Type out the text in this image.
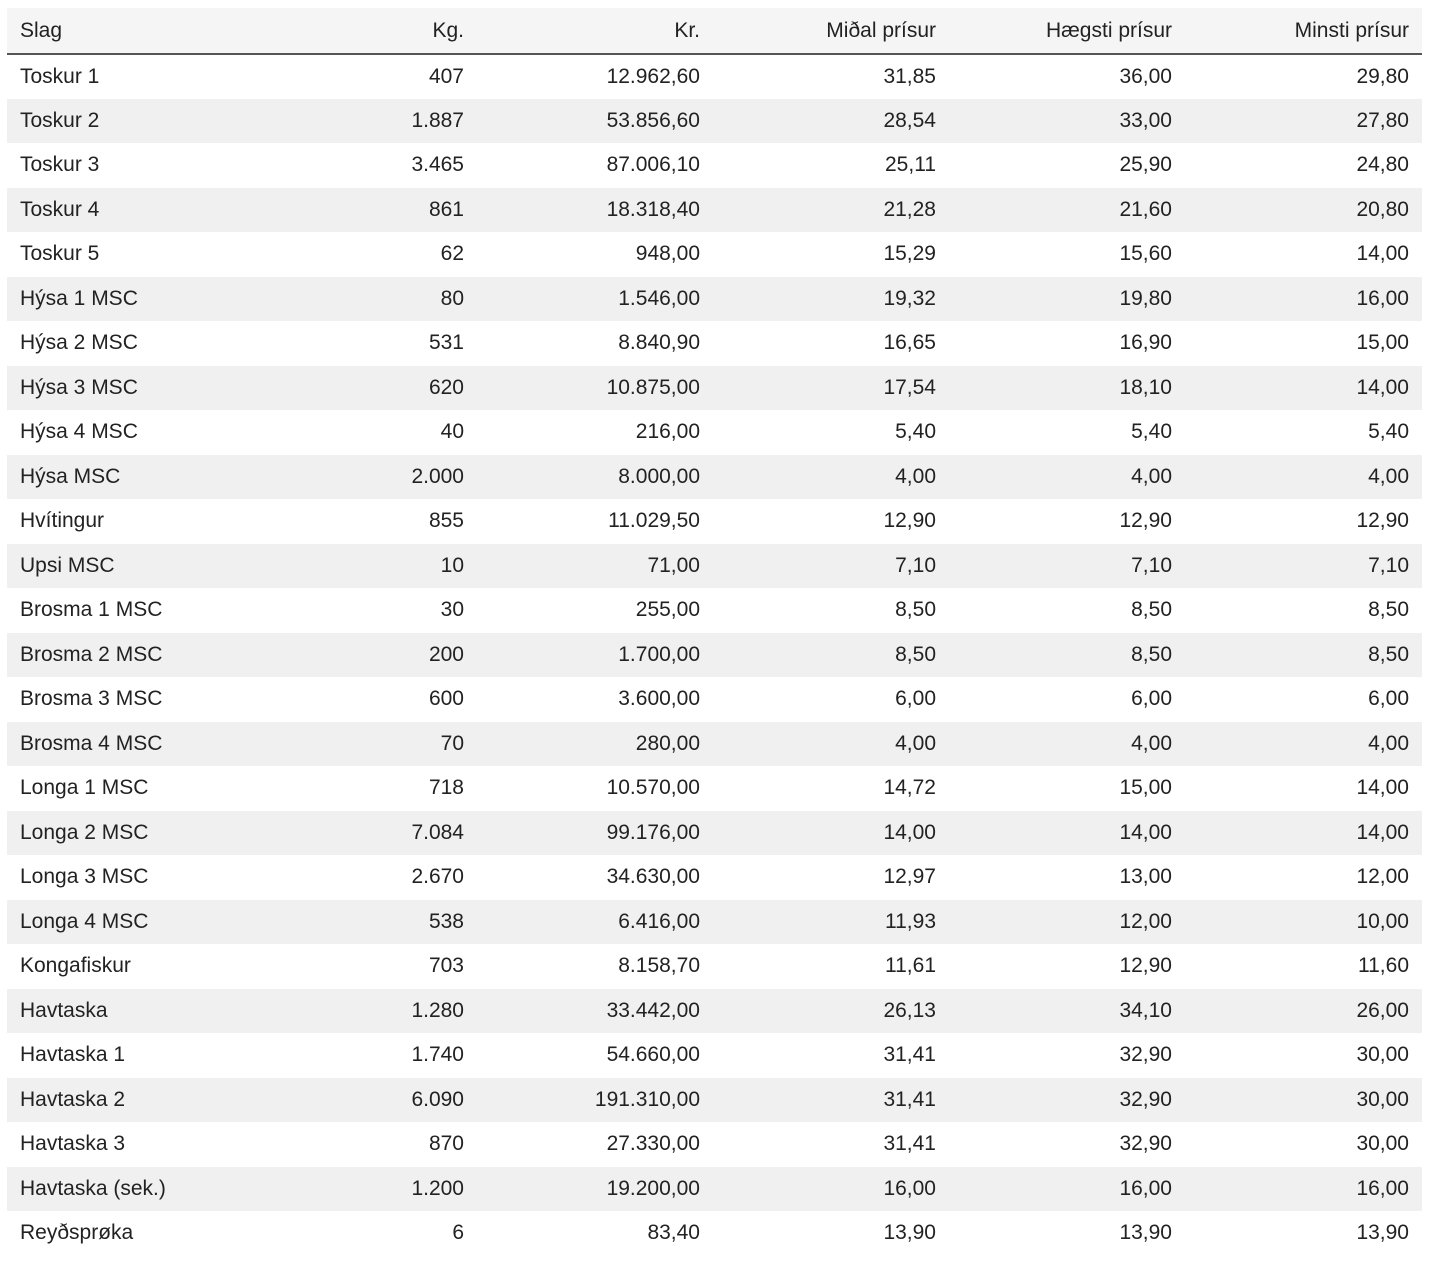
Slag	Kg.	Kr.	Miðal prísur	Hægsti prísur	Minsti prísur
Toskur 1	407	12.962,60	31,85	36,00	29,80
Toskur 2	1.887	53.856,60	28,54	33,00	27,80
Toskur 3	3.465	87.006,10	25,11	25,90	24,80
Toskur 4	861	18.318,40	21,28	21,60	20,80
Toskur 5	62	948,00	15,29	15,60	14,00
Hýsa 1 MSC	80	1.546,00	19,32	19,80	16,00
Hýsa 2 MSC	531	8.840,90	16,65	16,90	15,00
Hýsa 3 MSC	620	10.875,00	17,54	18,10	14,00
Hýsa 4 MSC	40	216,00	5,40	5,40	5,40
Hýsa MSC	2.000	8.000,00	4,00	4,00	4,00
Hvítingur	855	11.029,50	12,90	12,90	12,90
Upsi MSC	10	71,00	7,10	7,10	7,10
Brosma 1 MSC	30	255,00	8,50	8,50	8,50
Brosma 2 MSC	200	1.700,00	8,50	8,50	8,50
Brosma 3 MSC	600	3.600,00	6,00	6,00	6,00
Brosma 4 MSC	70	280,00	4,00	4,00	4,00
Longa 1 MSC	718	10.570,00	14,72	15,00	14,00
Longa 2 MSC	7.084	99.176,00	14,00	14,00	14,00
Longa 3 MSC	2.670	34.630,00	12,97	13,00	12,00
Longa 4 MSC	538	6.416,00	11,93	12,00	10,00
Kongafiskur	703	8.158,70	11,61	12,90	11,60
Havtaska	1.280	33.442,00	26,13	34,10	26,00
Havtaska 1	1.740	54.660,00	31,41	32,90	30,00
Havtaska 2	6.090	191.310,00	31,41	32,90	30,00
Havtaska 3	870	27.330,00	31,41	32,90	30,00
Havtaska (sek.)	1.200	19.200,00	16,00	16,00	16,00
Reyðsprøka	6	83,40	13,90	13,90	13,90
